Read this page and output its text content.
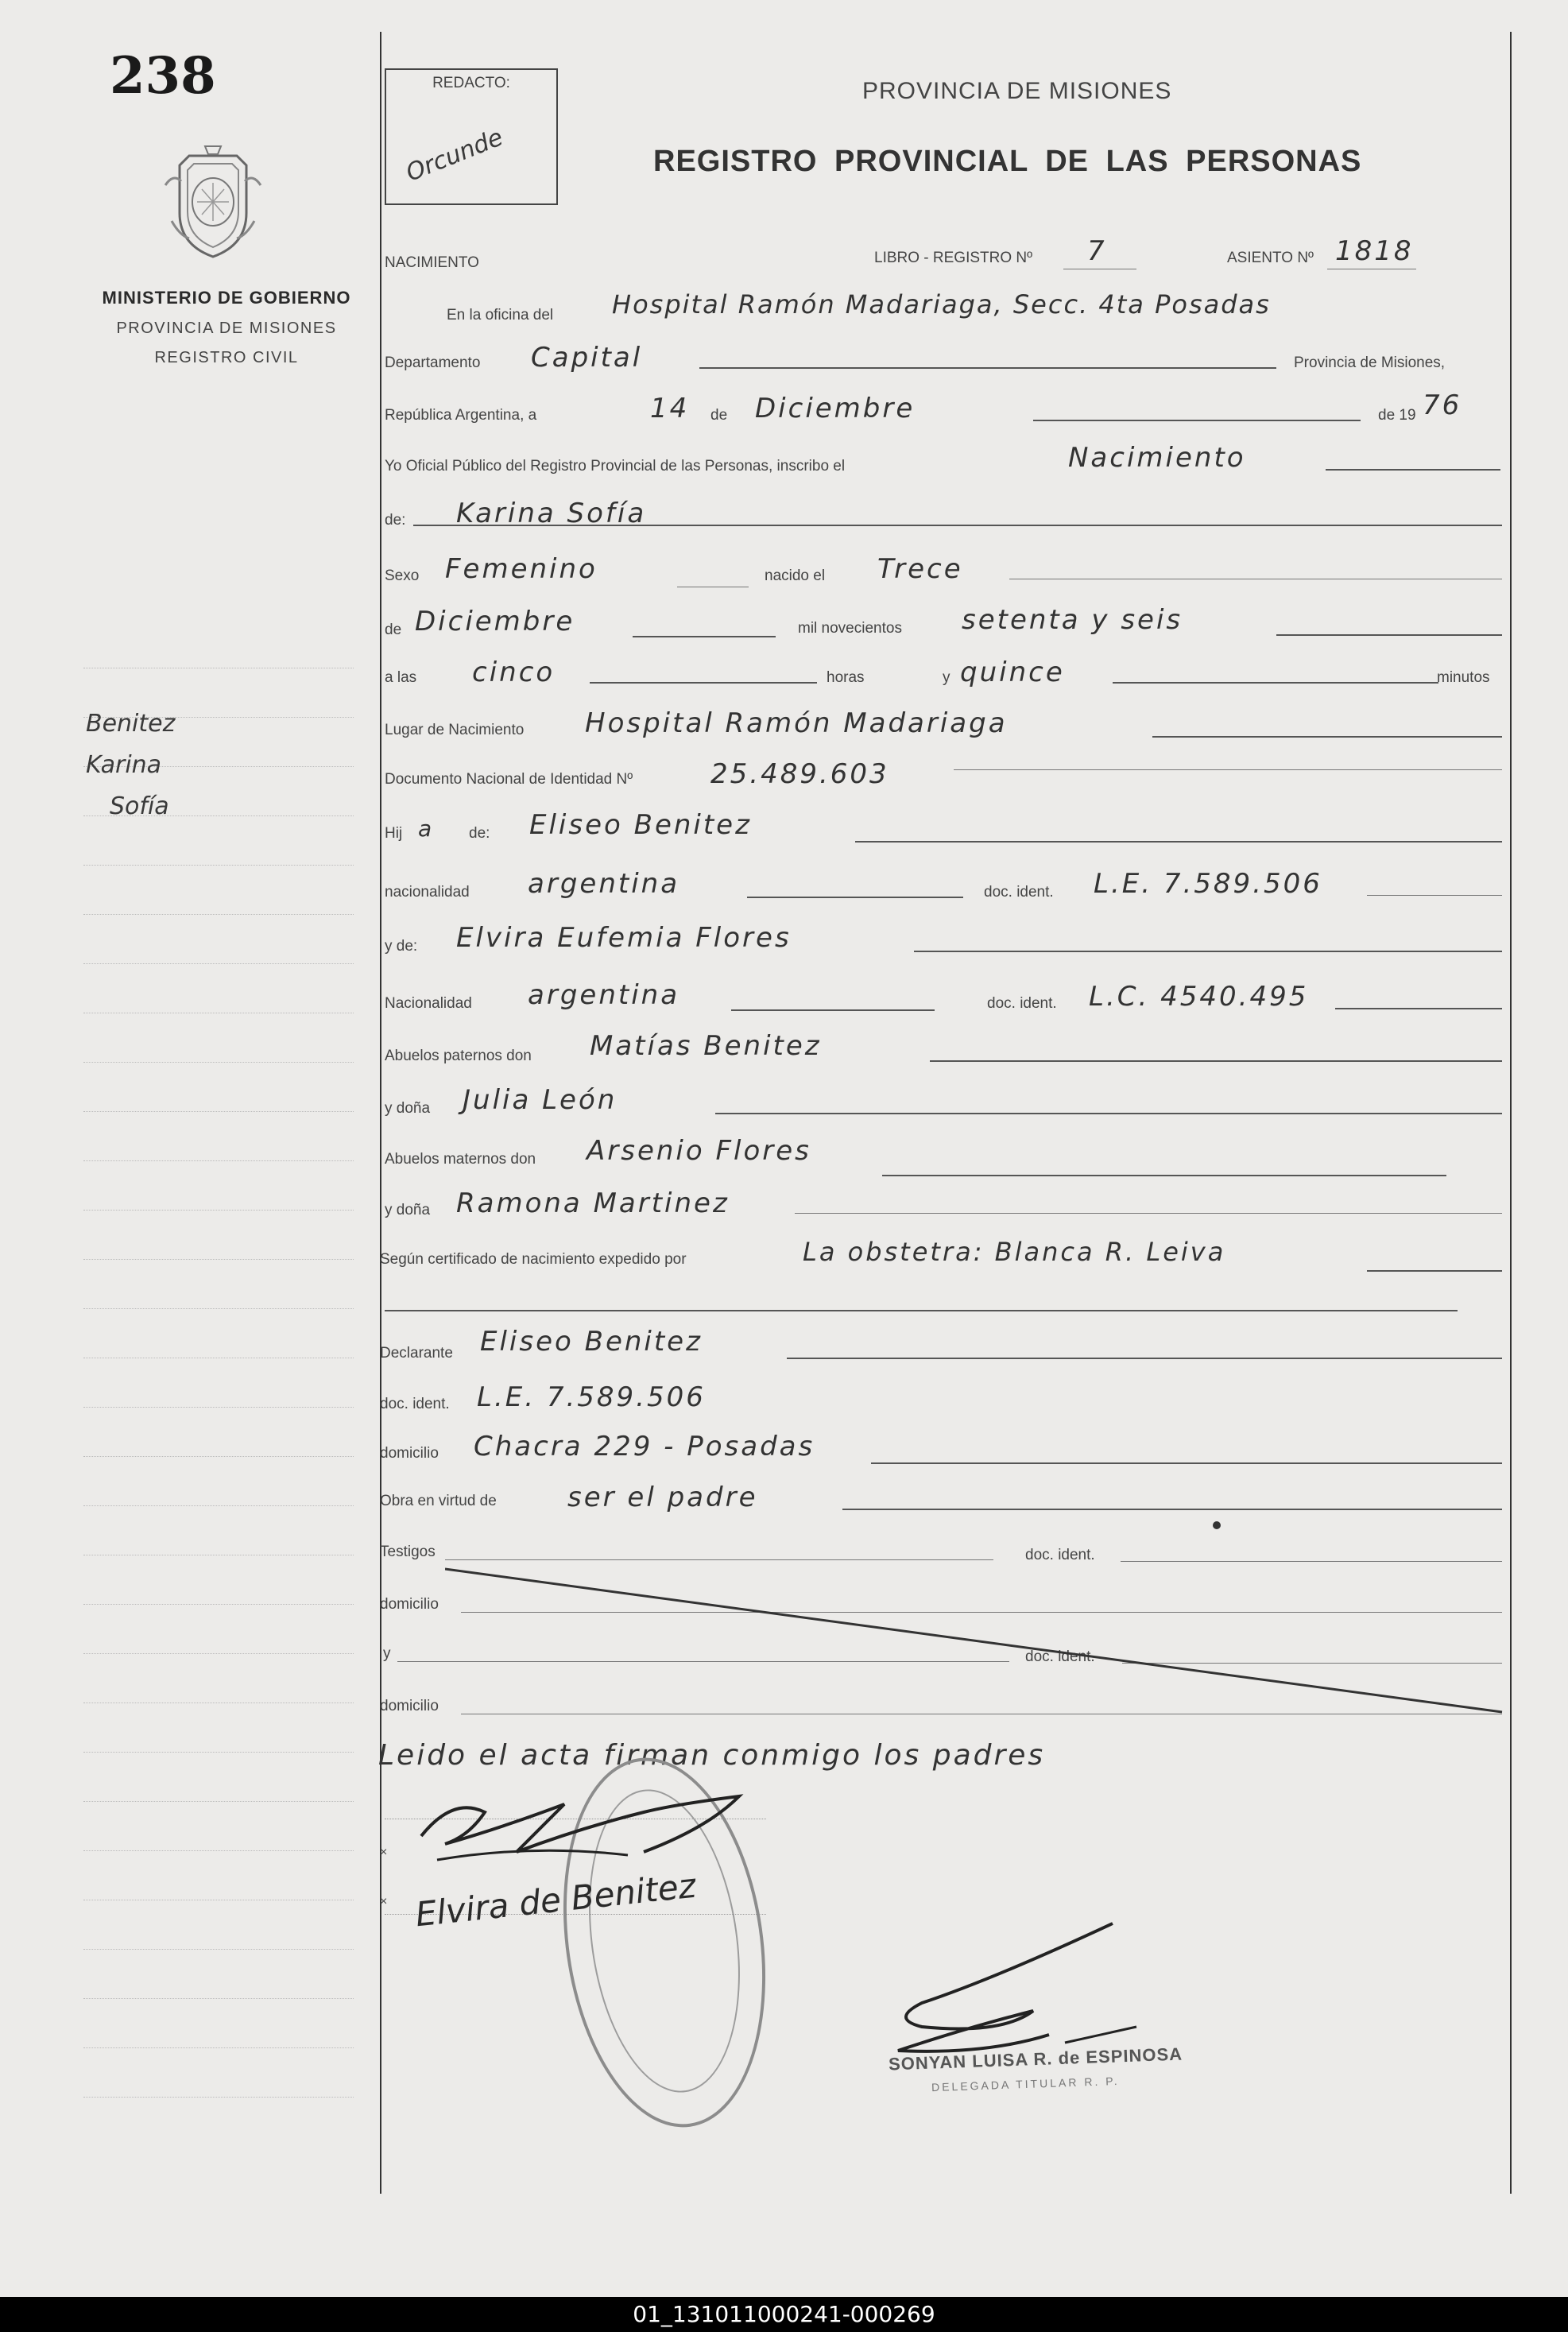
238
MINISTERIO DE GOBIERNO
PROVINCIA DE MISIONES
REGISTRO CIVIL
Benitez
Karina
Sofía
REDACTO:
Orcunde
PROVINCIA DE MISIONES
REGISTRO PROVINCIAL DE LAS PERSONAS
NACIMIENTO	LIBRO - REGISTRO Nº 7	ASIENTO Nº 1818
En la oficina del Hospital Ramón Madariaga, Secc. 4ta Posadas
Departamento Capital	Provincia de Misiones,
República Argentina, a	14 de Diciembre	de 19 76
Yo Oficial Público del Registro Provincial de las Personas, inscribo el	Nacimiento
de: Karina Sofía
Sexo Femenino	nacido el Trece
de Diciembre	mil novecientos setenta y seis
a las cinco	horas	y quince	minutos
Lugar de Nacimiento Hospital Ramón Madariaga
Documento Nacional de Identidad Nº	25.489.603
Hij a de: Eliseo Benitez
nacionalidad argentina	doc. ident. L.E. 7.589.506
y de: Elvira Eufemia Flores
Nacionalidad argentina	doc. ident. L.C. 4540.495
Abuelos paternos don Matías Benitez
y doña Julia León
Abuelos maternos don Arsenio Flores
y doña Ramona Martinez
Según certificado de nacimiento expedido por	La obstetra: Blanca R. Leiva
Declarante Eliseo Benitez
doc. ident. L.E. 7.589.506
domicilio Chacra 229 - Posadas
Obra en virtud de	ser el padre
Testigos	doc. ident.
domicilio
y	doc. ident.
domicilio
Leido el acta firman conmigo los padres
×
× Elvira de Benitez
SONYAN LUISA R. de ESPINOSA
DELEGADA TITULAR R. P.
01_131011000241-000269
